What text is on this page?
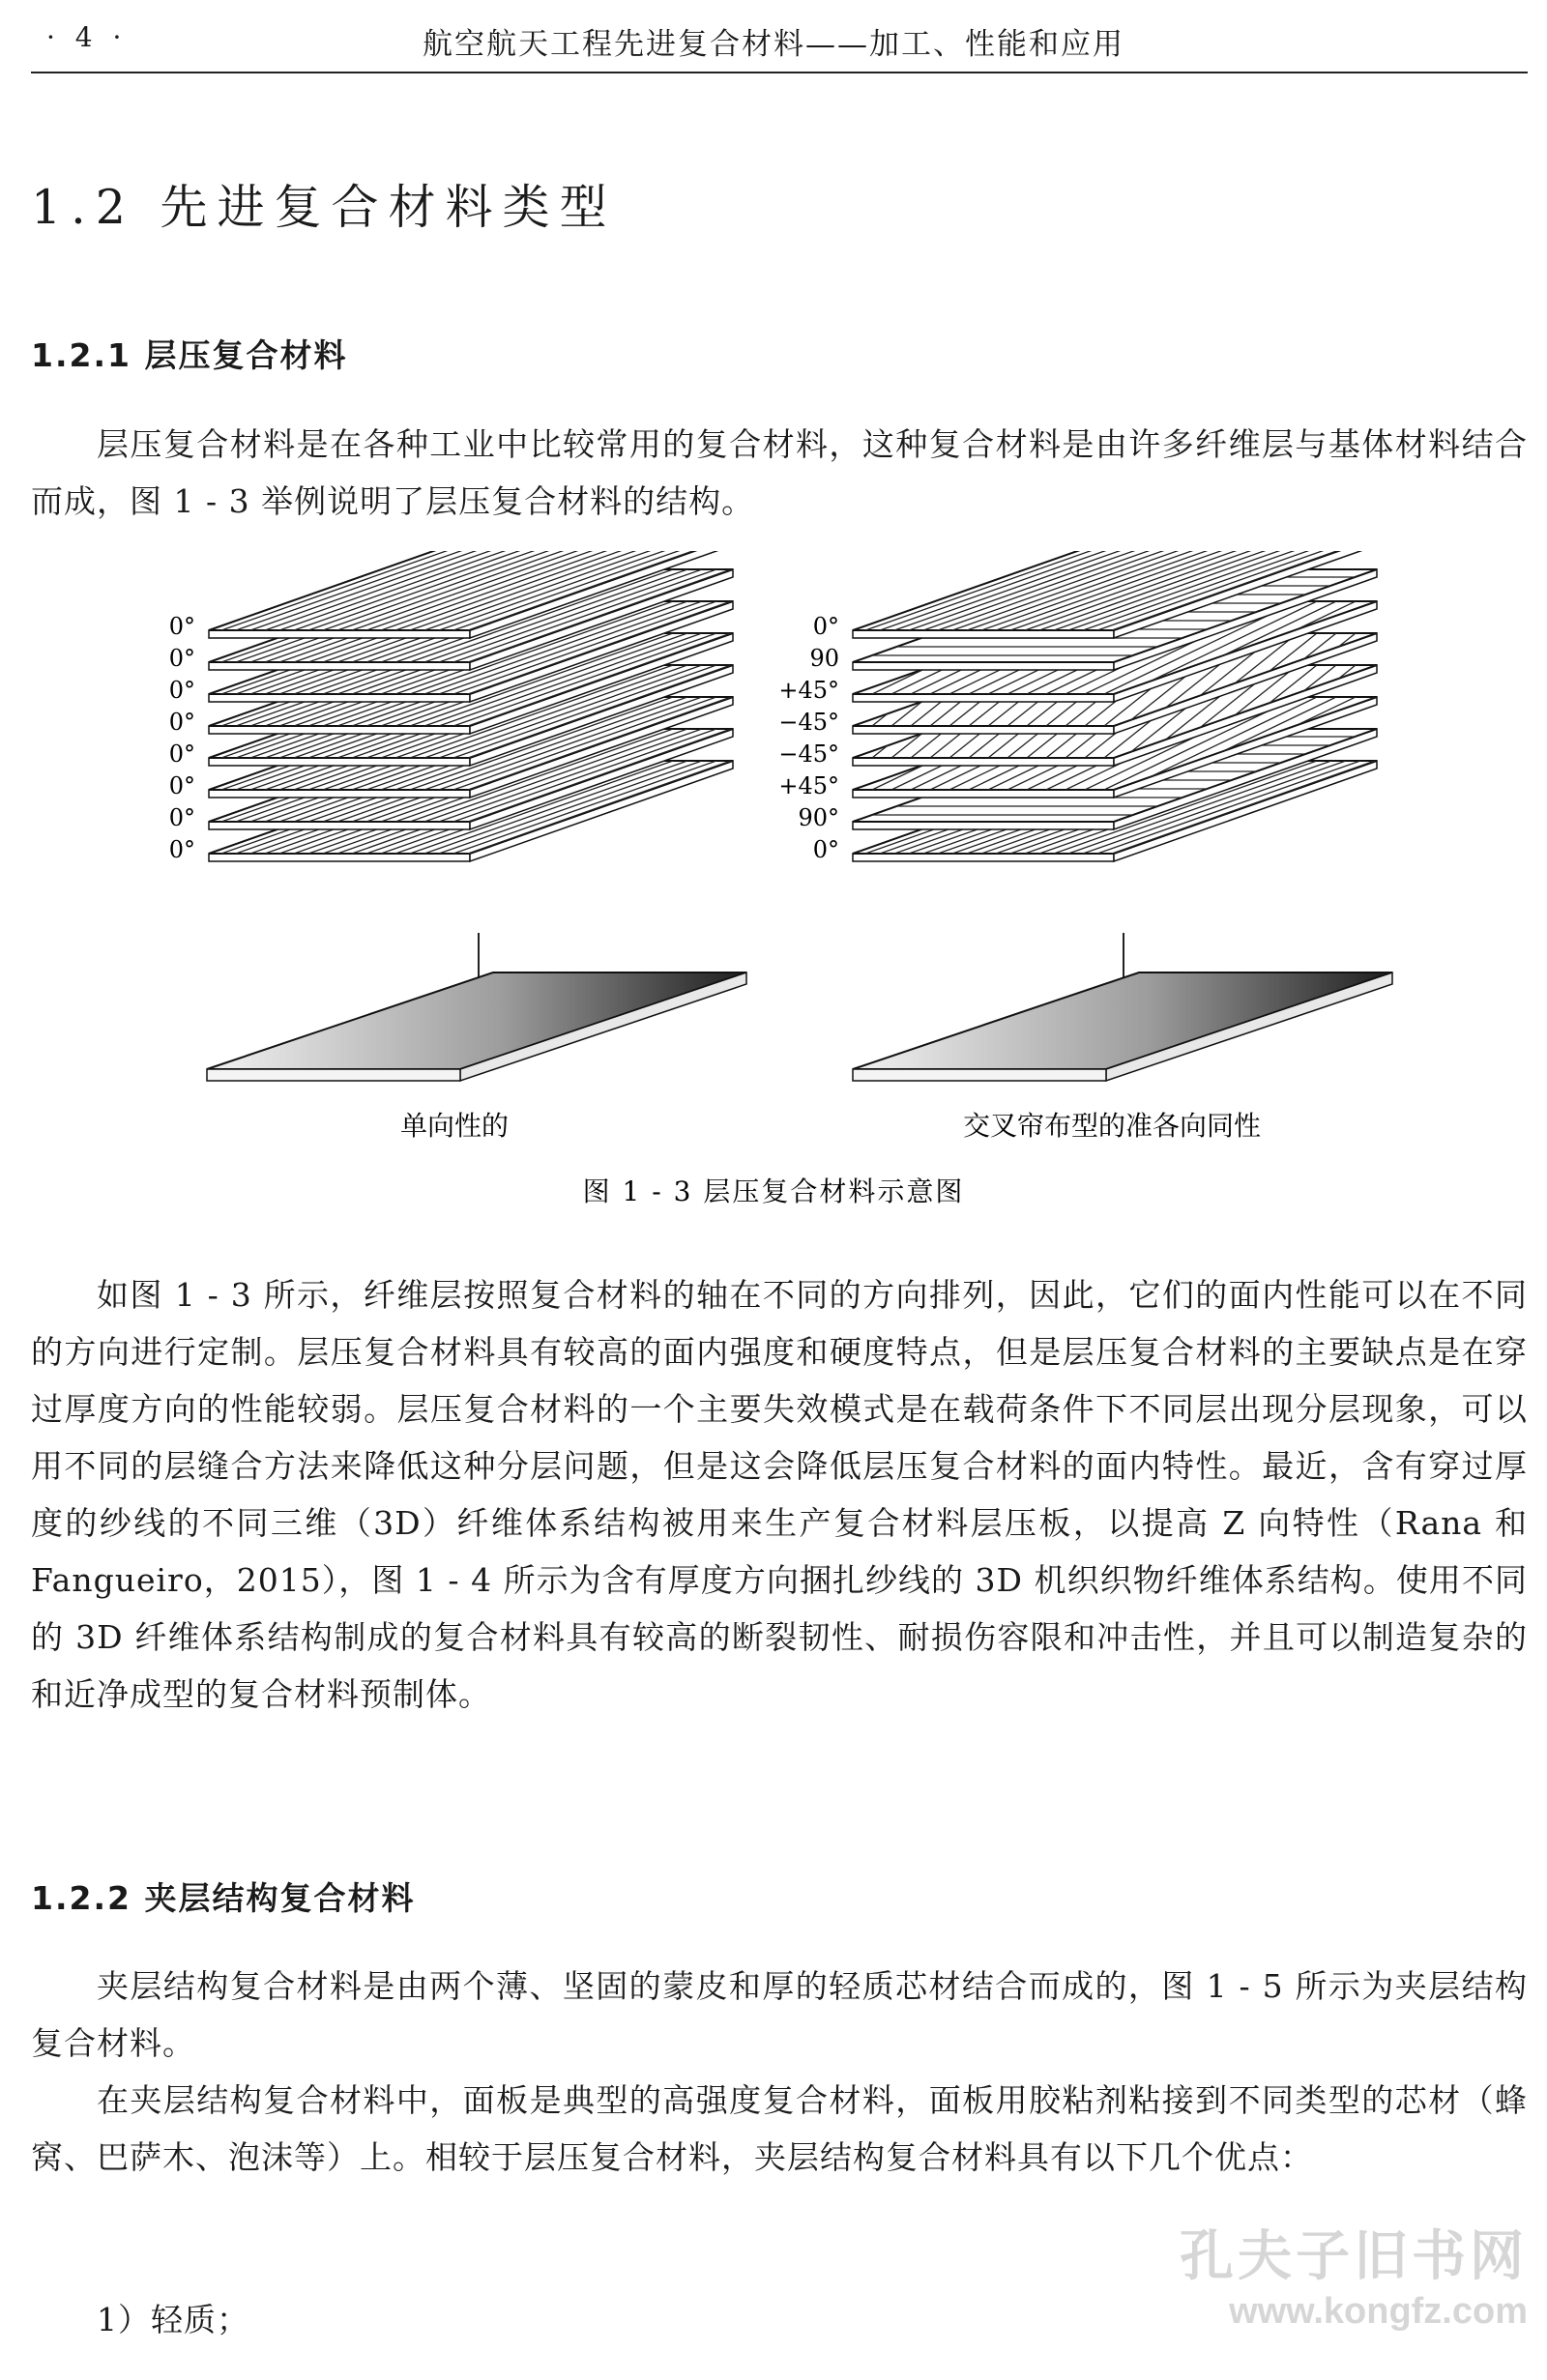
· 4 ·	航空航天工程先进复合材料——加工、性能和应用
1.2 先进复合材料类型
1.2.1 层压复合材料
层压复合材料是在各种工业中比较常用的复合材料，这种复合材料是由许多纤维层与基体材料结合而成，图 1 - 3 举例说明了层压复合材料的结构。
0°
0°
0°
0°
0°
0°
0°
0°
0°
90°
+45°
−45°
−45°
+45°
90
0°
单向性的	交叉帘布型的准各向同性
图 1 - 3 层压复合材料示意图
如图 1 - 3 所示，纤维层按照复合材料的轴在不同的方向排列，因此，它们的面内性能可以在不同的方向进行定制。层压复合材料具有较高的面内强度和硬度特点，但是层压复合材料的主要缺点是在穿过厚度方向的性能较弱。层压复合材料的一个主要失效模式是在载荷条件下不同层出现分层现象，可以用不同的层缝合方法来降低这种分层问题，但是这会降低层压复合材料的面内特性。最近，含有穿过厚度的纱线的不同三维（3D）纤维体系结构被用来生产复合材料层压板，以提高 Z 向特性（Rana 和 Fangueiro，2015），图 1 - 4 所示为含有厚度方向捆扎纱线的 3D 机织织物纤维体系结构。使用不同的 3D 纤维体系结构制成的复合材料具有较高的断裂韧性、耐损伤容限和冲击性，并且可以制造复杂的和近净成型的复合材料预制体。
1.2.2 夹层结构复合材料
夹层结构复合材料是由两个薄、坚固的蒙皮和厚的轻质芯材结合而成的，图 1 - 5 所示为夹层结构复合材料。
在夹层结构复合材料中，面板是典型的高强度复合材料，面板用胶粘剂粘接到不同类型的芯材（蜂窝、巴萨木、泡沫等）上。相较于层压复合材料，夹层结构复合材料具有以下几个优点：
1）轻质；
孔夫子旧书网
www.kongfz.com
